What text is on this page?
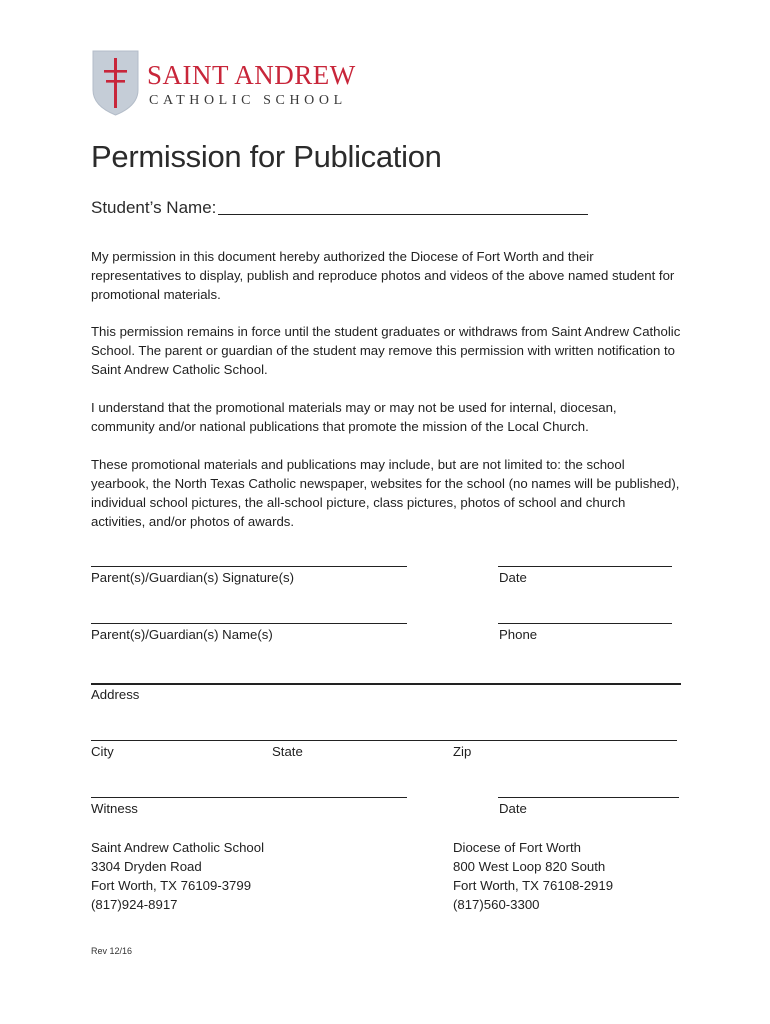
SAINT ANDREW
CATHOLIC SCHOOL
Permission for Publication
Student’s Name:
My permission in this document hereby authorized the Diocese of Fort Worth and their representatives to display, publish and reproduce photos and videos of the above named student for promotional materials.
This permission remains in force until the student graduates or withdraws from Saint Andrew Catholic School. The parent or guardian of the student may remove this permission with written notification to Saint Andrew Catholic School.
I understand that the promotional materials may or may not be used for internal, diocesan, community and/or national publications that promote the mission of the Local Church.
These promotional materials and publications may include, but are not limited to: the school yearbook, the North Texas Catholic newspaper, websites for the school (no names will be published), individual school pictures, the all-school picture, class pictures, photos of school and church activities, and/or photos of awards.
Parent(s)/Guardian(s) Signature(s)	Date
Parent(s)/Guardian(s) Name(s)	Phone
Address
City	State	Zip
Witness	Date
Saint Andrew Catholic School
3304 Dryden Road
Fort Worth, TX 76109-3799
(817)924-8917
Diocese of Fort Worth
800 West Loop 820 South
Fort Worth, TX 76108-2919
(817)560-3300
Rev 12/16
